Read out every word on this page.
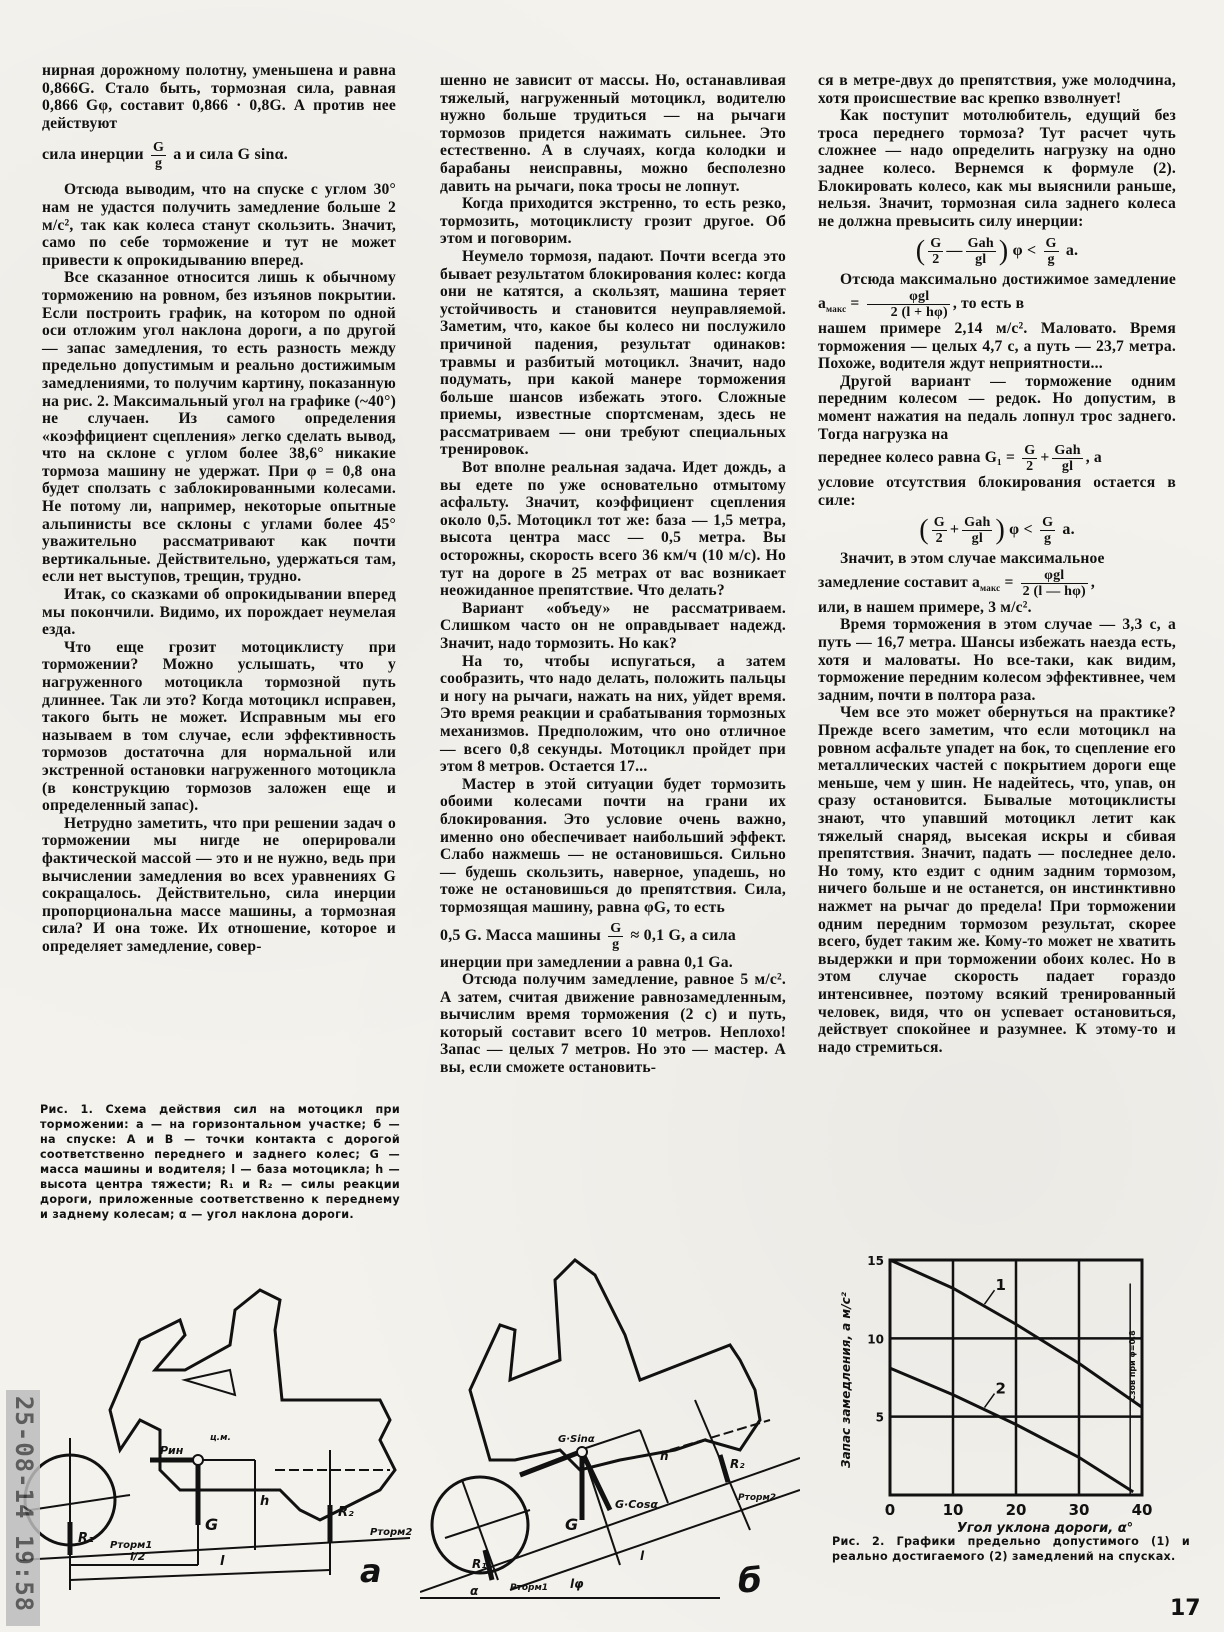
нирная дорожному полотну, уменьшена и равна 0,866G. Стало быть, тормозная сила, равная 0,866 Gφ, составит 0,866 · 0,8G. А против нее действуют

сила инерции $\frac{G}{g}$ a и сила G sinα.

Отсюда выводим, что на спуске с углом 30° нам не удастся получить замедление больше 2 м/с², так как колеса станут скользить. Значит, само по себе торможение и тут не может привести к опрокидыванию вперед.

Все сказанное относится лишь к обычному торможению на ровном, без изъянов покрытии. Если построить график, на котором по одной оси отложим угол наклона дороги, а по другой — запас замедления, то есть разность между предельно допустимым и реально достижимым замедлениями, то получим картину, показанную на рис. 2. Максимальный угол на графике (~40°) не случаен. Из самого определения «коэффициент сцепления» легко сделать вывод, что на склоне с углом более 38,6° никакие тормоза машину не удержат. При φ = 0,8 она будет сползать с заблокированными колесами. Не потому ли, например, некоторые опытные альпинисты все склоны с углами более 45° уважительно рассматривают как почти вертикальные. Действительно, удержаться там, если нет выступов, трещин, трудно.

Итак, со сказками об опрокидывании вперед мы покончили. Видимо, их порождает неумелая езда.

Что еще грозит мотоциклисту при торможении? Можно услышать, что у нагруженного мотоцикла тормозной путь длиннее. Так ли это? Когда мотоцикл исправен, такого быть не может. Исправным мы его называем в том случае, если эффективность тормозов достаточна для нормальной или экстренной остановки нагруженного мотоцикла (в конструкцию тормозов заложен еще и определенный запас).

Нетрудно заметить, что при решении задач о торможении мы нигде не оперировали фактической массой — это и не нужно, ведь при вычислении замедления во всех уравнениях G сокращалось. Действительно, сила инерции пропорциональна массе машины, а тормозная сила? И она тоже. Их отношение, которое и определяет замедление, совер-

Рис. 1. Схема действия сил на мотоцикл при торможении: а — на горизонтальном участке; б — на спуске: А и В — точки контакта с дорогой соответственно переднего и заднего колес; G — масса машины и водителя; l — база мотоцикла; h — высота центра тяжести; R₁ и R₂ — силы реакции дороги, приложенные соответственно к переднему и заднему колесам; α — угол наклона дороги.

шенно не зависит от массы. Но, останавливая тяжелый, нагруженный мотоцикл, водителю нужно больше трудиться — на рычаги тормозов придется нажимать сильнее. Это естественно. А в случаях, когда колодки и барабаны неисправны, можно бесполезно давить на рычаги, пока тросы не лопнут.

Когда приходится экстренно, то есть резко, тормозить, мотоциклисту грозит другое. Об этом и поговорим.

Неумело тормозя, падают. Почти всегда это бывает результатом блокирования колес: когда они не катятся, а скользят, машина теряет устойчивость и становится неуправляемой. Заметим, что, какое бы колесо ни послужило причиной падения, результат одинаков: травмы и разбитый мотоцикл. Значит, надо подумать, при какой манере торможения больше шансов избежать этого. Сложные приемы, известные спортсменам, здесь не рассматриваем — они требуют специальных тренировок.

Вот вполне реальная задача. Идет дождь, а вы едете по уже основательно отмытому асфальту. Значит, коэффициент сцепления около 0,5. Мотоцикл тот же: база — 1,5 метра, высота центра масс — 0,5 метра. Вы осторожны, скорость всего 36 км/ч (10 м/с). Но тут на дороге в 25 метрах от вас возникает неожиданное препятствие. Что делать?

Вариант «объеду» не рассматриваем. Слишком часто он не оправдывает надежд. Значит, надо тормозить. Но как?

На то, чтобы испугаться, а затем сообразить, что надо делать, положить пальцы и ногу на рычаги, нажать на них, уйдет время. Это время реакции и срабатывания тормозных механизмов. Предположим, что оно отличное — всего 0,8 секунды. Мотоцикл пройдет при этом 8 метров. Остается 17...

Мастер в этой ситуации будет тормозить обоими колесами почти на грани их блокирования. Это условие очень важно, именно оно обеспечивает наибольший эффект. Слабо нажмешь — не остановишься. Сильно — будешь скользить, наверное, упадешь, но тоже не остановишься до препятствия. Сила, тормозящая машину, равна φG, то есть

0,5 G. Масса машины $\frac{G}{g} \approx 0,1$ G, а сила

инерции при замедлении a равна 0,1 Ga.

Отсюда получим замедление, равное 5 м/с². А затем, считая движение равнозамедленным, вычислим время торможения (2 с) и путь, который составит всего 10 метров. Неплохо! Запас — целых 7 метров. Но это — мастер. А вы, если сможете остановить-

ся в метре-двух до препятствия, уже молодчина, хотя происшествие вас крепко взволнует!

Как поступит мотолюбитель, едущий без троса переднего тормоза? Тут расчет чуть сложнее — надо определить нагрузку на одно заднее колесо. Вернемся к формуле (2). Блокировать колесо, как мы выяснили раньше, нельзя. Значит, тормозная сила заднего колеса не должна превысить силу инерции:

( $\frac{G}{2}$ — $\frac{\text{Gah}}{gl}$ ) $\varphi < \frac{G}{g} a$.

Отсюда максимально достижимое замедление $a_{макс} = \frac{\text{φgl}}{2 (l + h\varphi)}$ , то есть в

нашем примере 2,14 м/с². Маловато. Время торможения — целых 4,7 с, а путь — 23,7 метра. Похоже, водителя ждут неприятности...

Другой вариант — торможение одним передним колесом — редок. Но допустим, в момент нажатия на педаль лопнул трос заднего. Тогда нагрузка на

переднее колесо равна $G_1 = \frac{G}{2} + \frac{\text{Gah}}{gl}$ , а

условие отсутствия блокирования остается в силе:

( $\frac{G}{2} + \frac{\text{Gah}}{gl}$ ) $\varphi < \frac{G}{g} a$.

Значит, в этом случае максимальное

замедление составит $a_{макс} = \frac{\text{φgl}}{2 (l — h\varphi)}$ ,

или, в нашем примере, 3 м/с².

Время торможения в этом случае — 3,3 с, а путь — 16,7 метра. Шансы избежать наезда есть, хотя и маловаты. Но все-таки, как видим, торможение передним колесом эффективнее, чем задним, почти в полтора раза.

Чем все это может обернуться на практике? Прежде всего заметим, что если мотоцикл на ровном асфальте упадет на бок, то сцепление его металлических частей с покрытием дороги еще меньше, чем у шин. Не надейтесь, что, упав, он сразу остановится. Бывалые мотоциклисты знают, что упавший мотоцикл летит как тяжелый снаряд, высекая искры и сбивая препятствия. Значит, падать — последнее дело. Но тому, кто ездит с одним задним тормозом, ничего больше и не останется, он инстинктивно нажмет на рычаг до предела! При торможении одним передним тормозом результат, скорее всего, будет таким же. Кому-то может не хватить выдержки и при торможении обоих колес. Но в этом случае скорость падает гораздо интенсивнее, поэтому всякий тренированный человек, видя, что он успевает остановиться, действует спокойнее и разумнее. К этому-то и надо стремиться.

R₁
R₂
G
Pин
Pторм1
Pторм2
h
l
l/2
ц.м.
а	R₁
R₂
G
G·Sinα
G·Cosα
Pторм1
Pторм2
h
l
lφ
α	б
1
2
0	10	20	30	40
5
10
15
Угол уклона дороги, α°
Запас замедления, a м/с²	Сзов при φ=0,8
Рис. 2. Графики предельно допустимого (1) и реально достигаемого (2) замедлений на спусках.
17
25-08-14 19:58
